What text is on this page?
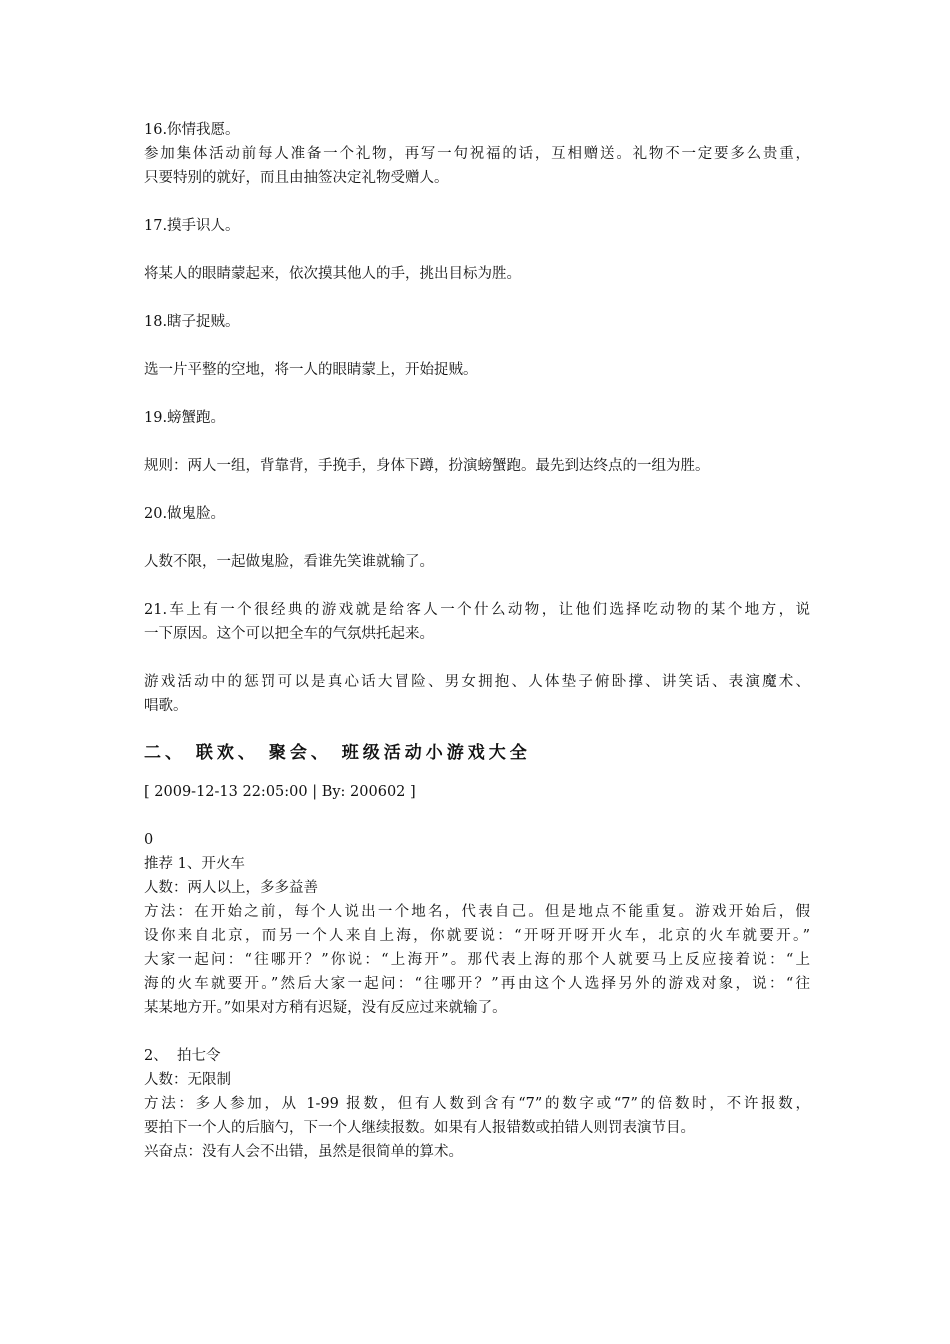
16.你情我愿。
参加集体活动前每人准备一个礼物，再写一句祝福的话，互相赠送。礼物不一定要多么贵重，
只要特别的就好，而且由抽签决定礼物受赠人。
17.摸手识人。
将某人的眼睛蒙起来，依次摸其他人的手，挑出目标为胜。
18.瞎子捉贼。
选一片平整的空地，将一人的眼睛蒙上，开始捉贼。
19.螃蟹跑。
规则：两人一组，背靠背，手挽手，身体下蹲，扮演螃蟹跑。最先到达终点的一组为胜。
20.做鬼脸。
人数不限，一起做鬼脸，看谁先笑谁就输了。
21.车上有一个很经典的游戏就是给客人一个什么动物，让他们选择吃动物的某个地方，说
一下原因。这个可以把全车的气氛烘托起来。
游戏活动中的惩罚可以是真心话大冒险、男女拥抱、人体垫子俯卧撑、讲笑话、表演魔术、
唱歌。
二、 联欢、 聚会、 班级活动小游戏大全
[ 2009-12-13 22:05:00 | By: 200602 ]
0
推荐 1、开火车
人数：两人以上，多多益善
方法：在开始之前，每个人说出一个地名，代表自己。但是地点不能重复。游戏开始后，假
设你来自北京，而另一个人来自上海，你就要说：“开呀开呀开火车，北京的火车就要开。”
大家一起问：“往哪开？”你说：“上海开”。那代表上海的那个人就要马上反应接着说：“上
海的火车就要开。”然后大家一起问：“往哪开？”再由这个人选择另外的游戏对象，说：“往
某某地方开。”如果对方稍有迟疑，没有反应过来就输了。
2、  拍七令
人数：无限制
方法：多人参加，从 1-99 报数，但有人数到含有“7”的数字或“7”的倍数时，不许报数，
要拍下一个人的后脑勺，下一个人继续报数。如果有人报错数或拍错人则罚表演节目。
兴奋点：没有人会不出错，虽然是很简单的算术。
